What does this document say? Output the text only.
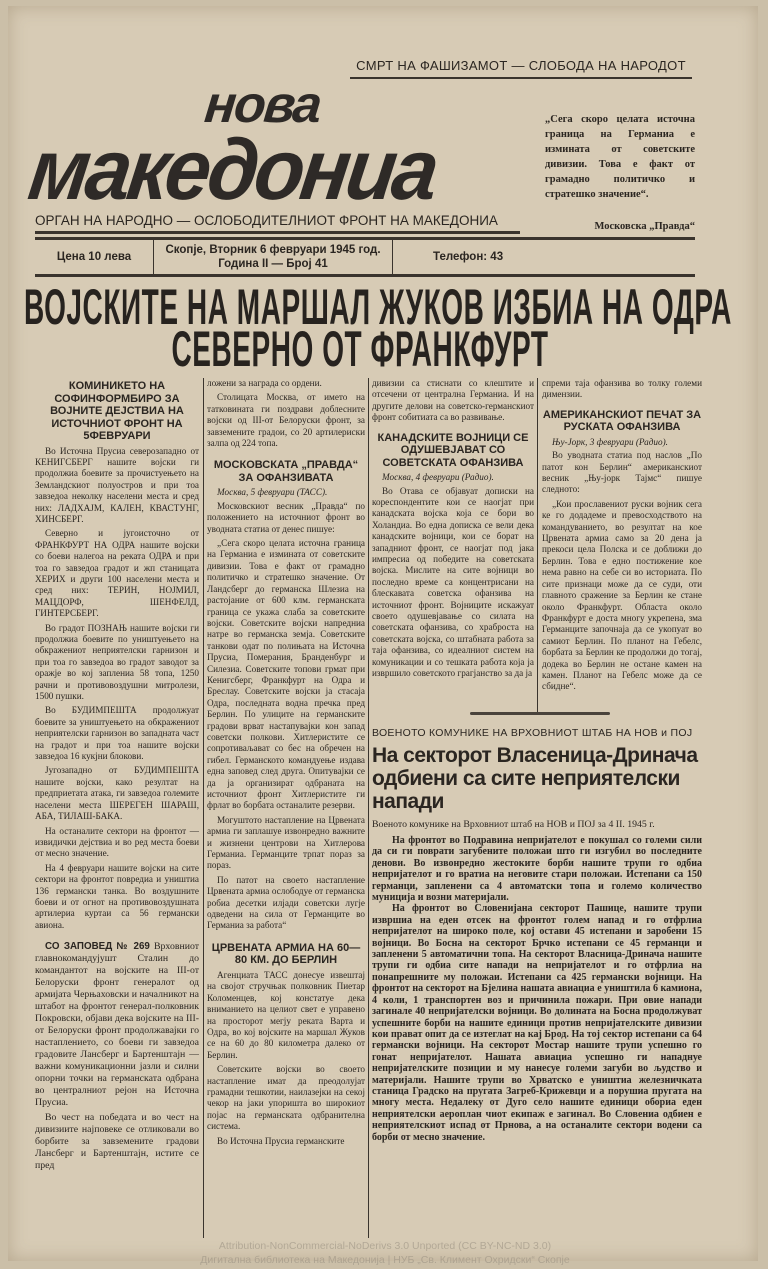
СМРТ НА ФАШИЗАМОТ — СЛОБОДА НА НАРОДОТ
нова
македониа
ОРГАН НА НАРОДНО — ОСЛОБОДИТЕЛНИОТ ФРОНТ НА МАКЕДОНИА
„Сега скоро целата источна граница на Германиа е измината от советските дивизии. Това е факт от грамадно политичко и стратешко значение“.
Московска „Правда“
Цена 10 лева
Скопје, Вторник 6 февруари 1945 год.
Година II — Број 41
Телефон: 43
ВОЈСКИТЕ НА МАРШАЛ ЖУКОВ ИЗБИА НА ОДРА
СЕВЕРНО ОТ ФРАНКФУРТ
КОМИНИКЕТО НА СОФИНФОРМБИРО ЗА ВОЈНИТЕ ДЕЈСТВИА НА ИСТОЧНИОТ ФРОНТ НА 5ФЕВРУАРИ

Во Источна Прусиа северозападно от КЕНИГСБЕРГ нашите војски ги продолжиа боевите за прочистуењето на Земландскиот полуостров и при тоа завзедоа неколку населени места и сред них: ЛАДХАЈМ, КАЛЕН, КВАСТУНГ, ХИНСБЕРГ.

Северно и југоисточно от ФРАНКФУРТ НА ОДРА нашите војски со боеви налегоа на реката ОДРА и при тоа го завзедоа градот и жп станицата ХЕРИХ и други 100 населени места и сред них: ТЕРИН, НОЈМИЛ, МАЦДОРФ, ШЕНФЕЛД, ГИНТЕРСБЕРГ.

Во градот ПОЗНАЊ нашите војски ги продолжиа боевите по уништуењето на обкражениот неприятелски гарнизон и при тоа го завзедоа во градот заводот за оражје во кој заплениа 58 топа, 1250 рачни и противовоздушни митролези, 1500 пушки.

Во БУДИМПЕШТА продолжуат боевите за уништуењето на обкражениот неприятелски гарнизон во западната част на градот и при тоа нашите војски завзедоа 16 кукјни блокови.

Југозападно от БУДИМПЕШТА нашите војски, како резултат на предприетата атака, ги завзедоа големите населени места ШЕРЕГЕН ШАРАШ, АБА, ТИЛАШ-БАКА.

На останалите сектори на фронтот — извидички дејствиа и во ред места боеви от месно значение.

На 4 февруари нашите војски на сите сектори на фронтот повредиа и уништиа 136 германски танка. Во воздушните боеви и от огнот на противовоздушната артилериа куртаи са 56 германски авиона.

СО ЗАПОВЕД № 269 Врховниот главнокомандујушт Сталин до командантот на војските на III-от Белоруски фронт генералот од армијата Черњаховски и началникот на штабот на фронтот генерал-полковник Покровски, објави дека војските на III-от Белоруски фронт продолжавајки го настаплението, со боеви ги завзедоа градовите Лансберг и Бартенштајн — важни комуникационни јазли и силни опорни точки на германската одбрана во централниот рејон на Источна Прусиа.

Во чест на победата и во чест на дивизиите најповеке се отликовали во борбите за завземените градови Лансберг и Бартенштајн, истите се пред

ложени за награда со ордени.

Столицата Москва, от името на татковината ги поздрави доблесните војски од III-от Белоруски фронт, за завземените градои, со 20 артилериски залпа од 224 топа.

МОСКОВСКАТА „ПРАВДА“ ЗА ОФАНЗИВАТА
Москва, 5 февруари (ТАСС).

Московскиот весник „Правда“ по положението на источниот фронт во уводната статиа от денес пишуе:

„Сега скоро целата источна граница на Германиа е измината от советските дивизии. Това е факт от грамадно политичко и стратешко значение. От Ландсберг до германска Шлезиа на растојание от 600 клм. германската граница се укажа слаба за советските војски. Советските војски напредниа натре во германска земја. Советските танкови одат по полињата на Источна Прусиа, Померания, Бранденбург и Силезиа. Советските топови грмат при Кенигсберг, Франкфурт на Одра и Бреслау. Советските војски ја стасаја Одра, последната водна пречка пред Берлин. По улиците на германските градови врват настапувајки кон запад советски полкови. Хитлеристите се сопротиваљават со бес на обречен на гибел. Германското командуење издава една заповед след друга. Опитувајки се да ја организират одбраната на источниот фронт Хитлеристите ги фрлат во борбата останалите резерви.

Могуштото настапление на Црвената армиа ги заплашуе извонредно важните и жизнени центрови на Хитлерова Германиа. Германците трпат пораз за пораз.

По патот на своето настапление Црвената армиа ослободуе от германска робиа десетки илјади советски лугје одведени на сила от Германците во Германиа за работа“

ЦРВЕНАТА АРМИА НА 60—80 КМ. ДО БЕРЛИН

Агенциата ТАСС донесуе извештај на својот стручњак полковник Пиетар Коломенцев, кој констатуе дека вниманието на целиот свет е управено на просторот мегју реката Варта и Одра, во кој војските на маршал Жуков се на 60 до 80 километра далеко от Берлин.

Советските војски во своето настапление имат да преодолујат грамадни тешкотии, наилазејки на секој чекор на јаки упоришта во широкиот појас на германската одбранителна система.

Во Источна Прусиа германските

дивизии са стиснати со клештите и отсечени от централна Германиа. И на другите делови на советско-германскиот фронт собитиата са во развивање.

КАНАДСКИТЕ ВОЈНИЦИ СЕ ОДУШЕВЈАВАТ СО СОВЕТСКАТА ОФАНЗИВА
Москва, 4 февруари (Радио).

Во Отава се објавуат дописки на кореспондентите кои се наогјат при канадската војска која се бори во Холандиа. Во една дописка се вели дека канадските војници, кои се борат на западниот фронт, се наогјат под јака импресиа од победите на советската војска. Мислите на сите војници во последно време са концентрисани на блескавата советска офанзива на источниот фронт. Војниците искажуат своето одушевјавање со силата на советската офанзива, со храброста на советската војска, со штабната работа за таја офанзива, со идеалниот систем на комуникации и со тешката работа која ја извршило советското грагјанство за да ја

спреми таја офанзива во толку големи димензии.

АМЕРИКАНСКИОТ ПЕЧАТ ЗА РУСКАТА ОФАНЗИВА
Њу-Јорк, 3 февруари (Радио).

Во уводната статиа под наслов „По патот кон Берлин“ американскиот весник „Њу-јорк Тајмс“ пишуе следното:

„Кои прославениот руски војник сега ке го додадеме и превосходството на командуванието, во резултат на кое Црвената армиа само за 20 дена ја прекоси цела Полска и се доближи до Берлин. Това е едно постижение кое нема равно на себе си во историата. По сите признаци може да се суди, оти главното сражение за Берлин ке стане около Франкфурт. Областа около Франкфурт е доста многу укрепена, зма Германците започнаја да се укопуат во самиот Берлин. По планот на Гебелс, борбата за Берлин ке продолжи до тогај, додека во Берлин не остане камен на камен. Планот на Гебелс може да се сбидне“.

ВОЕНОТО КОМУНИКЕ НА ВРХОВНИОТ ШТАБ НА НОВ и ПОЈ
На секторот Власеница-Дринача одбиени са сите неприятелски напади
Военото комунике на Врховниот штаб на НОВ и ПОЈ за 4 II. 1945 г.

На фронтот во Подравина непријателот е покушал со големи сили да си ги поврати загубените положаи што ги изгубил во последните денови. Во извонредно жестоките борби нашите трупи го одбиа непријателот и го вратиа на неговите стари положаи. Истепани са 150 германци, запленени са 4 автоматски топа и големо количество муниција и возни материјали.

На фронтот во Словенијана секторот Пашице, нашите трупи извршиа на еден отсек на фронтот голем напад и го отфрлиа непријателот на широко поле, кој остави 45 истепани и заробени 15 војници. Во Босна на секторот Брчко истепани се 45 германци и запленени 5 автоматични топа. На секторот Власница-Дринача нашите трупи ги одбиа сите напади на непријателот и го отфрлиа на понапрешните му положаи. Истепани са 425 германски војници. На фронтот на секторот на Бјелина нашата авиациа е уништила 6 камиона, 4 коли, 1 транспортен воз и причинила пожари. При овие напади загинале 40 непријателски војници. Во долината на Босна продолжуват успешните борби на нашите единици против непријателските дивизии кои прават опит да се изтеглат на кај Брод. На тој сектор истепани са 64 германски војници. На секторот Мостар нашите трупи успешно го гонат непријателот. Нашата авиациа успешно ги нападнуе непријателските позиции и му нанесуе големи загуби во људство и материјали. Нашите трупи во Хрватско е уништиа железничката станица Градско на пругата Загреб-Крижевци и а порушиа пругата на многу места. Недалеку от Дуго село нашите единици обориа еден неприятелски аероплан чиот екипаж е загинал. Во Словениа одбиен е неприятелскиот испад от Прнова, а на останалите сектори водени са борби от месно значение.

Attribution-NonCommercial-NoDerivs 3.0 Unported (CC BY-NC-ND 3.0)
Дигитална библиотека на Македонија | НУБ „Св. Климент Охридски“ Скопје
